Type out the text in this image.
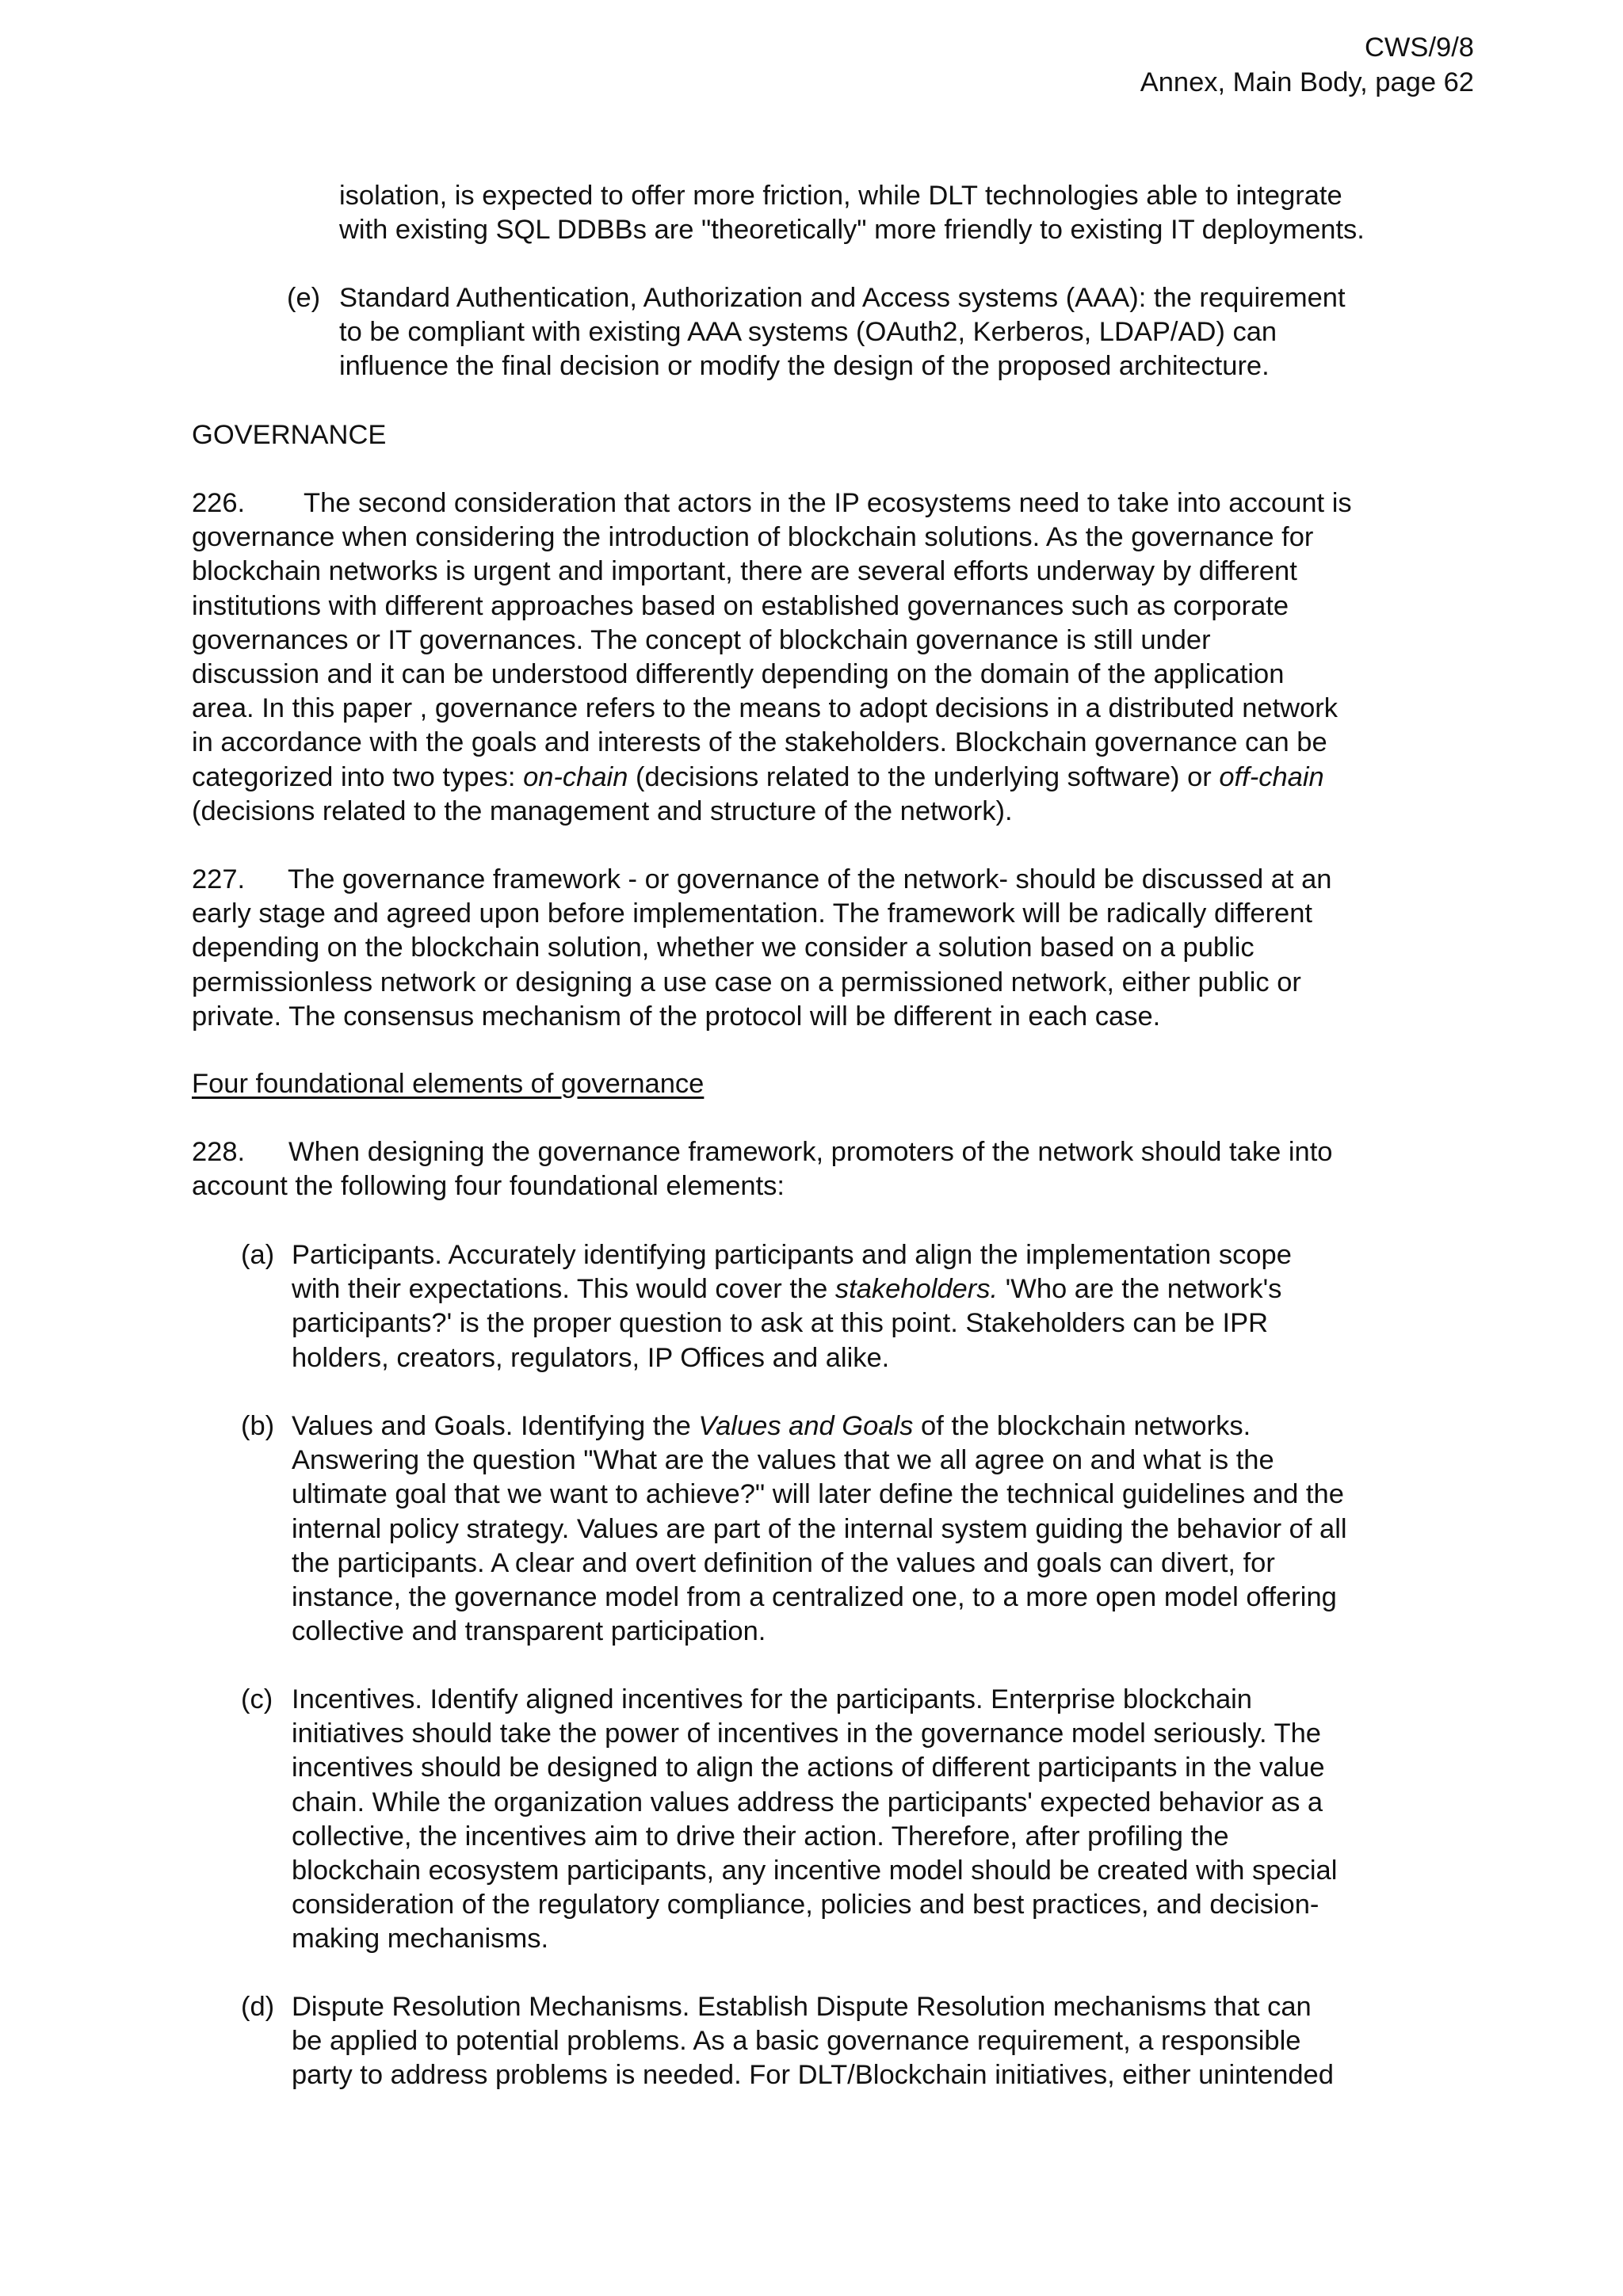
CWS/9/8
Annex, Main Body, page 62
isolation, is expected to offer more friction, while DLT technologies able to integrate
with existing SQL DDBBs are "theoretically" more friendly to existing IT deployments.
(e) Standard Authentication, Authorization and Access systems (AAA): the requirement
to be compliant with existing AAA systems (OAuth2, Kerberos, LDAP/AD) can
influence the final decision or modify the design of the proposed architecture.
GOVERNANCE
226. The second consideration that actors in the IP ecosystems need to take into account is
governance when considering the introduction of blockchain solutions. As the governance for
blockchain networks is urgent and important, there are several efforts underway by different
institutions with different approaches based on established governances such as corporate
governances or IT governances. The concept of blockchain governance is still under
discussion and it can be understood differently depending on the domain of the application
area. In this paper , governance refers to the means to adopt decisions in a distributed network
in accordance with the goals and interests of the stakeholders. Blockchain governance can be
categorized into two types: on-chain (decisions related to the underlying software) or off-chain
(decisions related to the management and structure of the network).
227. The governance framework - or governance of the network- should be discussed at an
early stage and agreed upon before implementation. The framework will be radically different
depending on the blockchain solution, whether we consider a solution based on a public
permissionless network or designing a use case on a permissioned network, either public or
private. The consensus mechanism of the protocol will be different in each case.
Four foundational elements of governance
228. When designing the governance framework, promoters of the network should take into
account the following four foundational elements:
(a) Participants. Accurately identifying participants and align the implementation scope
with their expectations. This would cover the stakeholders. 'Who are the network's
participants?' is the proper question to ask at this point. Stakeholders can be IPR
holders, creators, regulators, IP Offices and alike.
(b) Values and Goals. Identifying the Values and Goals of the blockchain networks.
Answering the question "What are the values that we all agree on and what is the
ultimate goal that we want to achieve?" will later define the technical guidelines and the
internal policy strategy. Values are part of the internal system guiding the behavior of all
the participants. A clear and overt definition of the values and goals can divert, for
instance, the governance model from a centralized one, to a more open model offering
collective and transparent participation.
(c) Incentives. Identify aligned incentives for the participants. Enterprise blockchain
initiatives should take the power of incentives in the governance model seriously. The
incentives should be designed to align the actions of different participants in the value
chain. While the organization values address the participants' expected behavior as a
collective, the incentives aim to drive their action. Therefore, after profiling the
blockchain ecosystem participants, any incentive model should be created with special
consideration of the regulatory compliance, policies and best practices, and decision-
making mechanisms.
(d) Dispute Resolution Mechanisms. Establish Dispute Resolution mechanisms that can
be applied to potential problems. As a basic governance requirement, a responsible
party to address problems is needed. For DLT/Blockchain initiatives, either unintended
